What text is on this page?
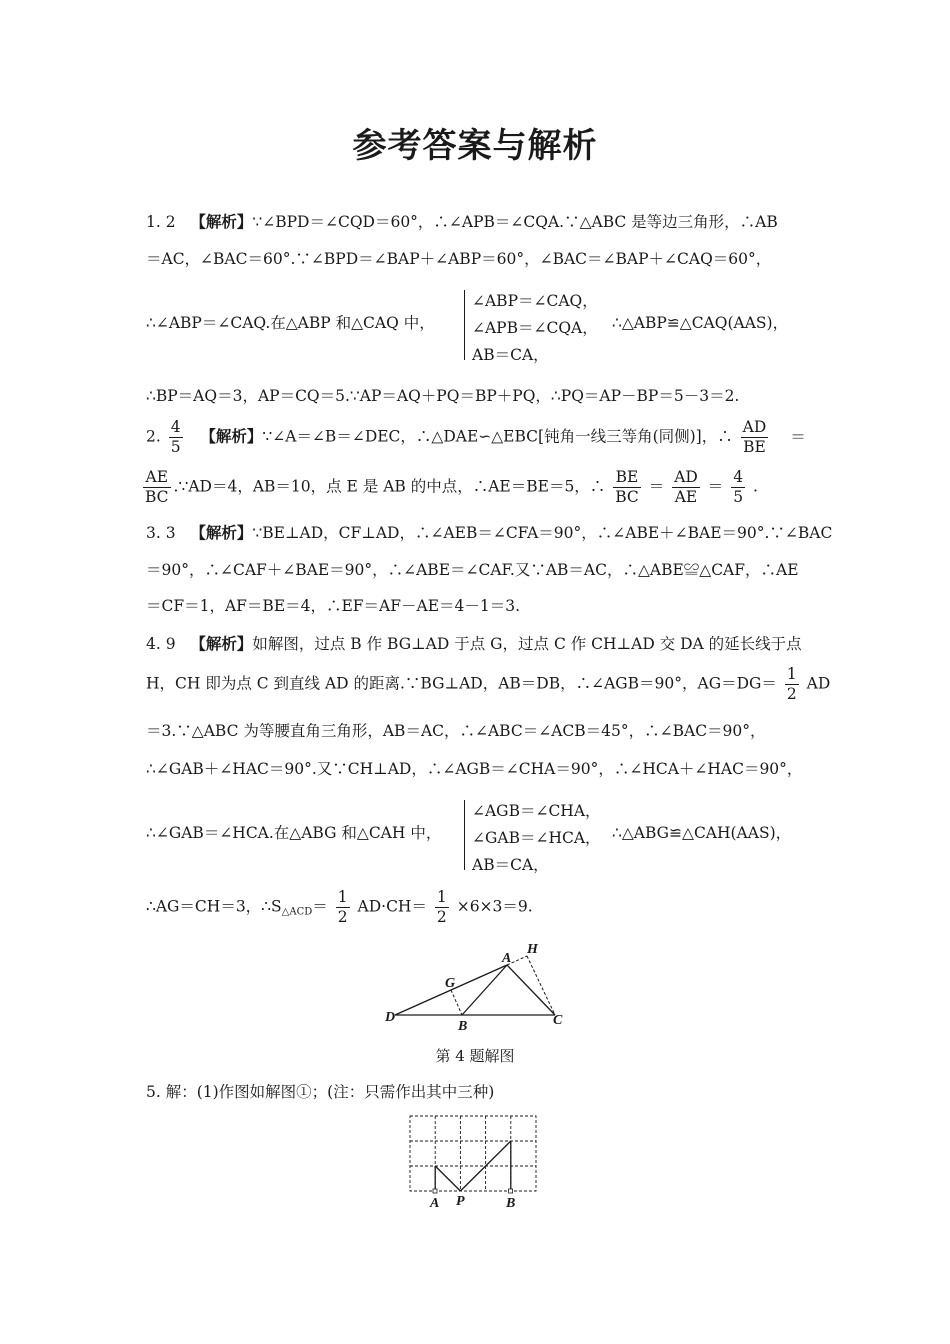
参考答案与解析
1. 2 【解析】∵∠BPD＝∠CQD＝60°，∴∠APB＝∠CQA.∵△ABC 是等边三角形，∴AB
＝AC，∠BAC＝60°.∵∠BPD＝∠BAP＋∠ABP＝60°，∠BAC＝∠BAP＋∠CAQ＝60°，
∴∠ABP＝∠CAQ.在△ABP 和△CAQ 中，
∠ABP＝∠CAQ，
∠APB＝∠CQA，
AB＝CA，
∴△ABP≌△CAQ(AAS)，
∴BP＝AQ＝3，AP＝CQ＝5.∵AP＝AQ＋PQ＝BP＋PQ，∴PQ＝AP－BP＝5－3＝2.
2. $\frac{4}{5}$ 【解析】∵∠A＝∠B＝∠DEC，∴△DAE∽△EBC[钝角一线三等角(同侧)]，∴ $\frac{AD}{BE}$ ＝
$\frac{AE}{BC}$ .∵AD＝4，AB＝10，点 E 是 AB 的中点，∴AE＝BE＝5，∴ $\frac{BE}{BC} = \frac{AD}{AE} = \frac{4}{5}$ .
3. 3 【解析】∵BE⊥AD，CF⊥AD，∴∠AEB＝∠CFA＝90°，∴∠ABE＋∠BAE＝90°.∵∠BAC
＝90°，∴∠CAF＋∠BAE＝90°，∴∠ABE＝∠CAF.又∵AB＝AC，∴△ABE≌△CAF，∴AE
＝CF＝1，AF＝BE＝4，∴EF＝AF－AE＝4－1＝3.
4. 9 【解析】如解图，过点 B 作 BG⊥AD 于点 G，过点 C 作 CH⊥AD 交 DA 的延长线于点
H，CH 即为点 C 到直线 AD 的距离.∵BG⊥AD，AB＝DB，∴∠AGB＝90°，$AG=DG= \frac{1}{2}$ AD
＝3.∵△ABC 为等腰直角三角形，AB＝AC，∴∠ABC＝∠ACB＝45°，∴∠BAC＝90°，
∴∠GAB＋∠HAC＝90°.又∵CH⊥AD，∴∠AGB＝∠CHA＝90°，∴∠HCA＋∠HAC＝90°，
∴∠GAB＝∠HCA.在△ABG 和△CAH 中，
∠AGB＝∠CHA，
∠GAB＝∠HCA，
AB＝CA，
∴△ABG≌△CAH(AAS)，
∴AG＝CH＝3，∴S△ACD＝ $\frac{1}{2} AD\cdot CH= \frac{1}{2} \times 6\times 3=9$.
D
G
A
H
B	C
第 4 题解图
5. 解：(1)作图如解图①；(注：只需作出其中三种)
A P	B
